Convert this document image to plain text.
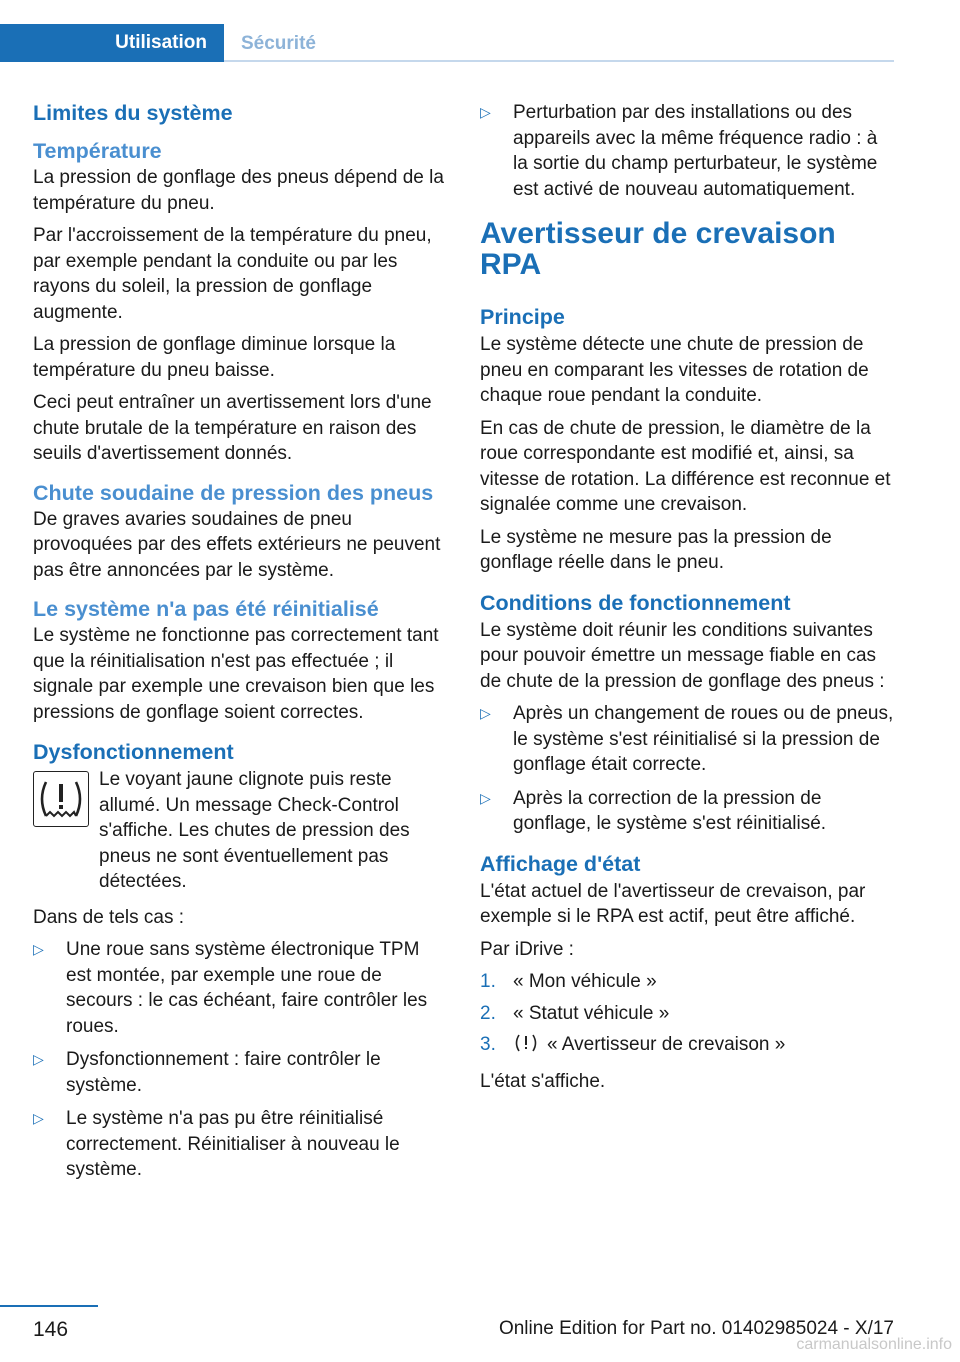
Utilisation Sécurité
Limites du système
Température

La pression de gonflage des pneus dépend de la température du pneu.

Par l'accroissement de la température du pneu, par exemple pendant la conduite ou par les rayons du soleil, la pression de gonflage augmente.

La pression de gonflage diminue lorsque la température du pneu baisse.

Ceci peut entraîner un avertissement lors d'une chute brutale de la température en raison des seuils d'avertissement donnés.

Chute soudaine de pression des pneus

De graves avaries soudaines de pneu provoquées par des effets extérieurs ne peuvent pas être annoncées par le système.

Le système n'a pas été réinitialisé

Le système ne fonctionne pas correctement tant que la réinitialisation n'est pas effectuée ; il signale par exemple une crevaison bien que les pressions de gonflage soient correctes.

Dysfonctionnement

Le voyant jaune clignote puis reste allumé. Un message Check-Control s'affiche. Les chutes de pression des pneus ne sont éventuellement pas détectées.

Dans de tels cas :

▷ Une roue sans système électronique TPM est montée, par exemple une roue de secours : le cas échéant, faire contrôler les roues.
▷ Dysfonctionnement : faire contrôler le système.
▷ Le système n'a pas pu être réinitialisé correctement. Réinitialiser à nouveau le système.
▷ Perturbation par des installations ou des appareils avec la même fréquence radio : à la sortie du champ perturbateur, le système est activé de nouveau automatiquement.
Avertisseur de crevaison RPA
Principe

Le système détecte une chute de pression de pneu en comparant les vitesses de rotation de chaque roue pendant la conduite.

En cas de chute de pression, le diamètre de la roue correspondante est modifié et, ainsi, sa vitesse de rotation. La différence est reconnue et signalée comme une crevaison.

Le système ne mesure pas la pression de gonflage réelle dans le pneu.

Conditions de fonctionnement

Le système doit réunir les conditions suivantes pour pouvoir émettre un message fiable en cas de chute de la pression de gonflage des pneus :

▷ Après un changement de roues ou de pneus, le système s'est réinitialisé si la pression de gonflage était correcte.
▷ Après la correction de la pression de gonflage, le système s'est réinitialisé.
Affichage d'état

L'état actuel de l'avertisseur de crevaison, par exemple si le RPA est actif, peut être affiché.

Par iDrive :

1. « Mon véhicule »
2. « Statut véhicule »
3.	« Avertisseur de crevaison »

L'état s'affiche.

146	Online Edition for Part no. 01402985024 - X/17
carmanualsonline.info
